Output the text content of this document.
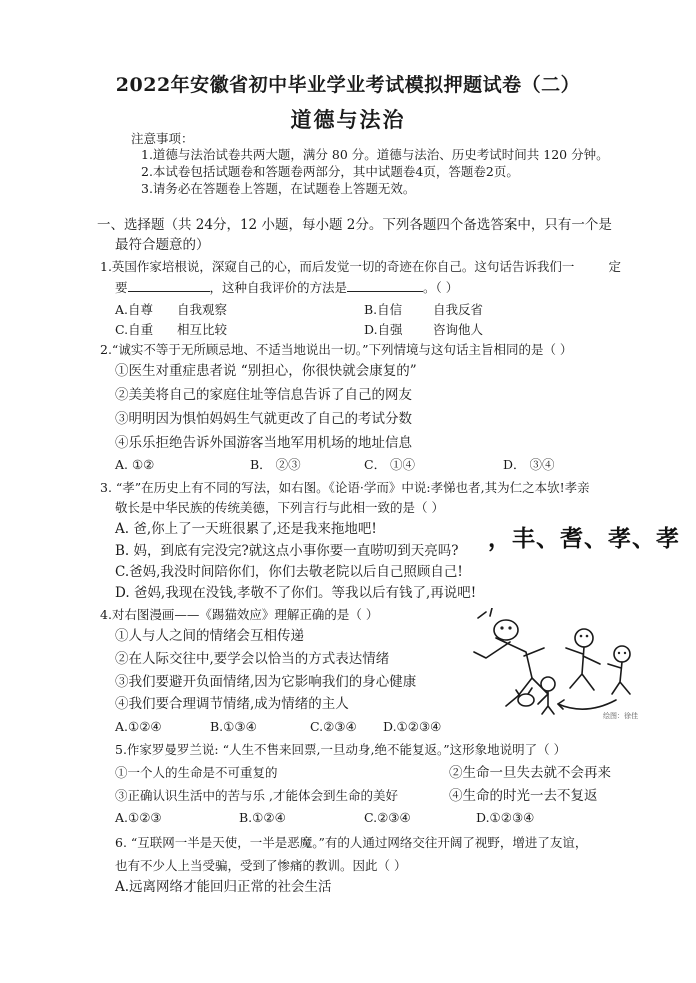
2022年安徽省初中毕业学业考试模拟押题试卷（二）
道德与法治
注意事项：
1.道德与法治试卷共两大题，满分 80 分。道德与法治、历史考试时间共 120 分钟。
2.本试卷包括试题卷和答题卷两部分，其中试题卷4页，答题卷2页。
3.请务必在答题卷上答题，在试题卷上答题无效。
一、选择题（共 24分，12 小题，每小题 2分。下列各题四个备选答案中，只有一个是
最符合题意的）
1.英国作家培根说，深窥自己的心，而后发觉一切的奇迹在你自己。这句话告诉我们一	定
要	，这种自我评价的方法是	。（ ）
A.自尊 自我观察	B.自信 自我反省
C.自重 相互比较	D.自强 咨询他人
2.“诚实不等于无所顾忌地、不适当地说出一切。”下列情境与这句话主旨相同的是（ ）
①医生对重症患者说 “别担心，你很快就会康复的”
②美美将自己的家庭住址等信息告诉了自己的网友
③明明因为惧怕妈妈生气就更改了自己的考试分数
④乐乐拒绝告诉外国游客当地军用机场的地址信息
A. ①②	B． ②③	C． ①④	D． ③④
3. “孝”在历史上有不同的写法，如右图。《论语·学而》中说:孝悌也者,其为仁之本欤!孝亲
敬长是中华民族的传统美德，下列言行与此相一致的是（ ）
A. 爸,你上了一天班很累了,还是我来拖地吧!
B. 妈，到底有完没完?就这点小事你要一直唠叨到天亮吗?
C.爸妈,我没时间陪你们，你们去敬老院以后自己照顾自己!
D. 爸妈,我现在没钱,孝敬不了你们。等我以后有钱了,再说吧!
，丰、䎛、孝、孝
4.对右图漫画——《踢猫效应》理解正确的是（ ）
①人与人之间的情绪会互相传递
②在人际交往中,要学会以恰当的方式表达情绪
③我们要避开负面情绪,因为它影响我们的身心健康
④我们要合理调节情绪,成为情绪的主人
A.①②④	B.①③④	C.②③④ D.①②③④
绘图：徐佳
5.作家罗曼罗兰说: “人生不售来回票,一旦动身,绝不能复返。”这形象地说明了（ ）
①一个人的生命是不可重复的	②生命一旦失去就不会再来
③正确认识生活中的苦与乐 ,才能体会到生命的美好	④生命的时光一去不复返
A.①②③	B.①②④	C.②③④	D.①②③④
6. “互联网一半是天使，一半是恶魔。”有的人通过网络交往开阔了视野，增进了友谊，
也有不少人上当受骗，受到了惨痛的教训。因此（ ）
A.远离网络才能回归正常的社会生活
